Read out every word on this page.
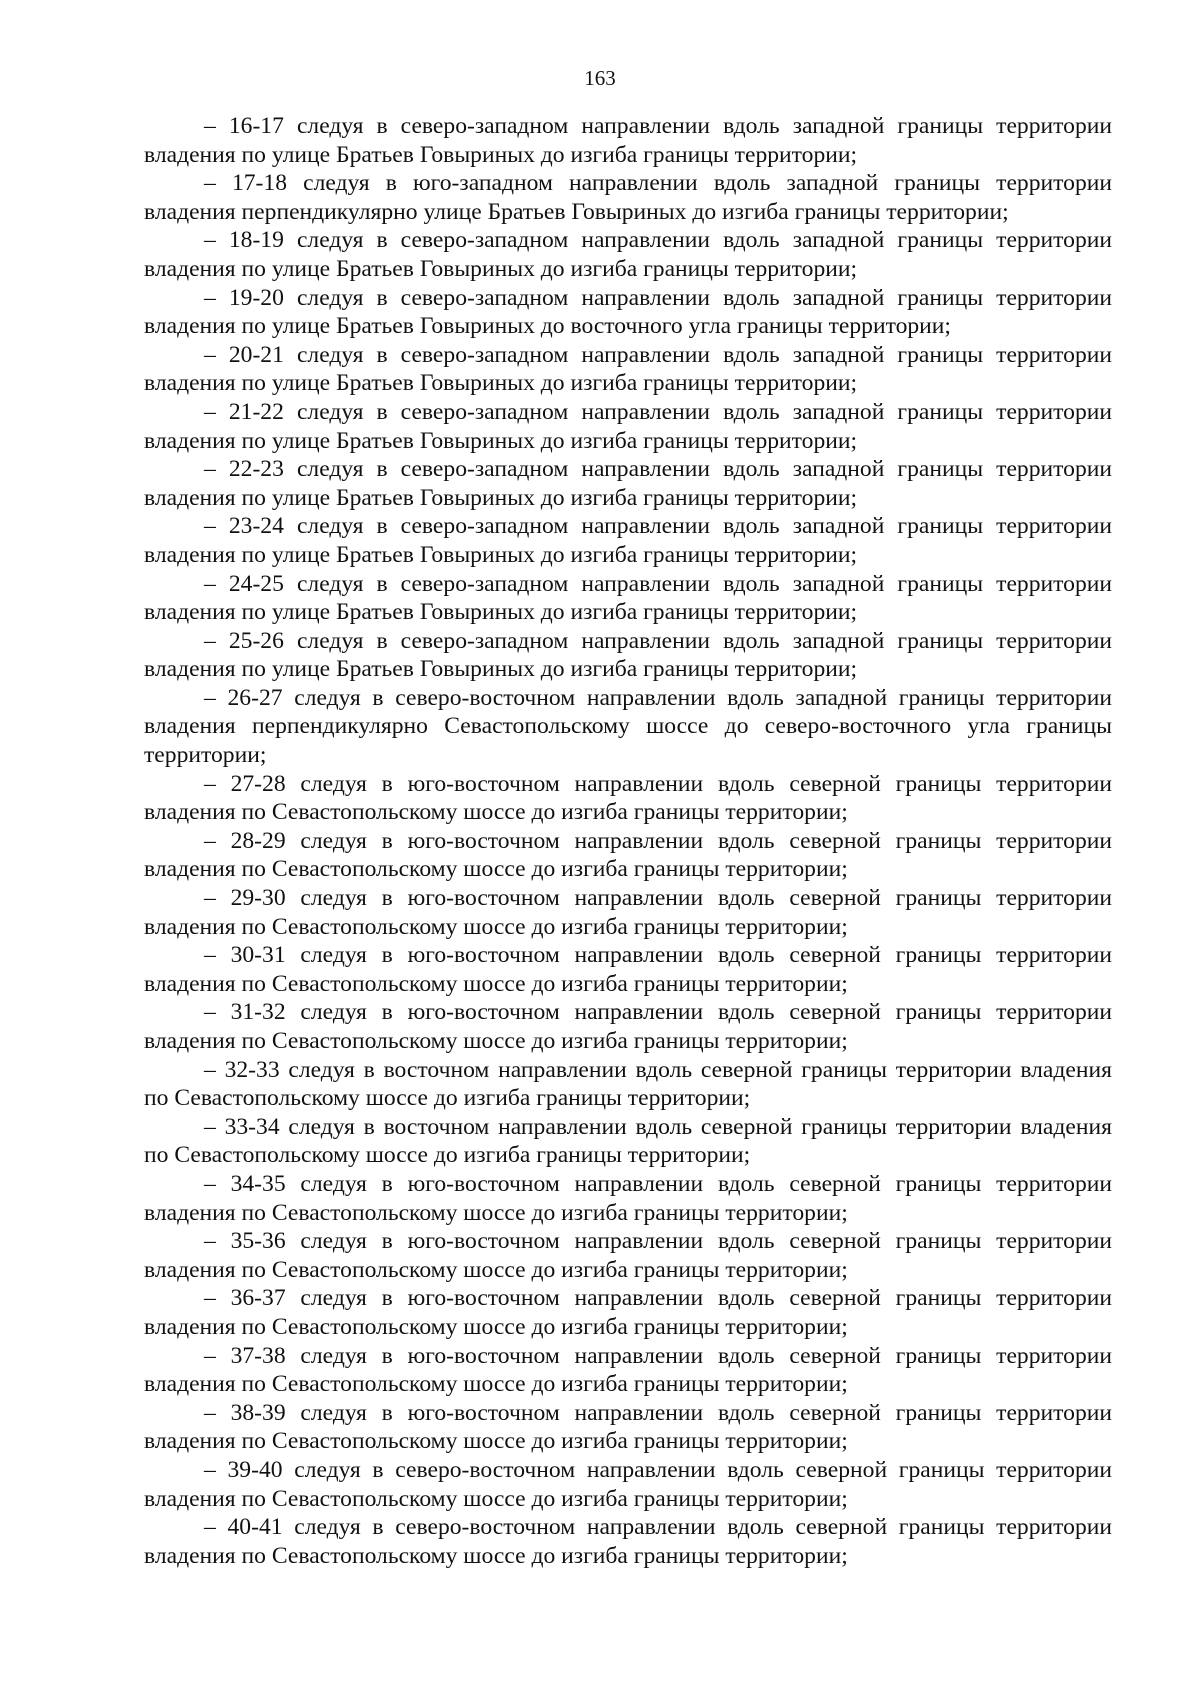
163

– 16-17 следуя в северо-западном направлении вдоль западной границы территории владения по улице Братьев Говыриных до изгиба границы территории;

– 17-18 следуя в юго-западном направлении вдоль западной границы территории владения перпендикулярно улице Братьев Говыриных до изгиба границы территории;

– 18-19 следуя в северо-западном направлении вдоль западной границы территории владения по улице Братьев Говыриных до изгиба границы территории;

– 19-20 следуя в северо-западном направлении вдоль западной границы территории владения по улице Братьев Говыриных до восточного угла границы территории;

– 20-21 следуя в северо-западном направлении вдоль западной границы территории владения по улице Братьев Говыриных до изгиба границы территории;

– 21-22 следуя в северо-западном направлении вдоль западной границы территории владения по улице Братьев Говыриных до изгиба границы территории;

– 22-23 следуя в северо-западном направлении вдоль западной границы территории владения по улице Братьев Говыриных до изгиба границы территории;

– 23-24 следуя в северо-западном направлении вдоль западной границы территории владения по улице Братьев Говыриных до изгиба границы территории;

– 24-25 следуя в северо-западном направлении вдоль западной границы территории владения по улице Братьев Говыриных до изгиба границы территории;

– 25-26 следуя в северо-западном направлении вдоль западной границы территории владения по улице Братьев Говыриных до изгиба границы территории;

– 26-27 следуя в северо-восточном направлении вдоль западной границы территории владения перпендикулярно Севастопольскому шоссе до северо-восточного угла границы территории;

– 27-28 следуя в юго-восточном направлении вдоль северной границы территории владения по Севастопольскому шоссе до изгиба границы территории;

– 28-29 следуя в юго-восточном направлении вдоль северной границы территории владения по Севастопольскому шоссе до изгиба границы территории;

– 29-30 следуя в юго-восточном направлении вдоль северной границы территории владения по Севастопольскому шоссе до изгиба границы территории;

– 30-31 следуя в юго-восточном направлении вдоль северной границы территории владения по Севастопольскому шоссе до изгиба границы территории;

– 31-32 следуя в юго-восточном направлении вдоль северной границы территории владения по Севастопольскому шоссе до изгиба границы территории;

– 32-33 следуя в восточном направлении вдоль северной границы территории владения по Севастопольскому шоссе до изгиба границы территории;

– 33-34 следуя в восточном направлении вдоль северной границы территории владения по Севастопольскому шоссе до изгиба границы территории;

– 34-35 следуя в юго-восточном направлении вдоль северной границы территории владения по Севастопольскому шоссе до изгиба границы территории;

– 35-36 следуя в юго-восточном направлении вдоль северной границы территории владения по Севастопольскому шоссе до изгиба границы территории;

– 36-37 следуя в юго-восточном направлении вдоль северной границы территории владения по Севастопольскому шоссе до изгиба границы территории;

– 37-38 следуя в юго-восточном направлении вдоль северной границы территории владения по Севастопольскому шоссе до изгиба границы территории;

– 38-39 следуя в юго-восточном направлении вдоль северной границы территории владения по Севастопольскому шоссе до изгиба границы территории;

– 39-40 следуя в северо-восточном направлении вдоль северной границы территории владения по Севастопольскому шоссе до изгиба границы территории;

– 40-41 следуя в северо-восточном направлении вдоль северной границы территории владения по Севастопольскому шоссе до изгиба границы территории;
